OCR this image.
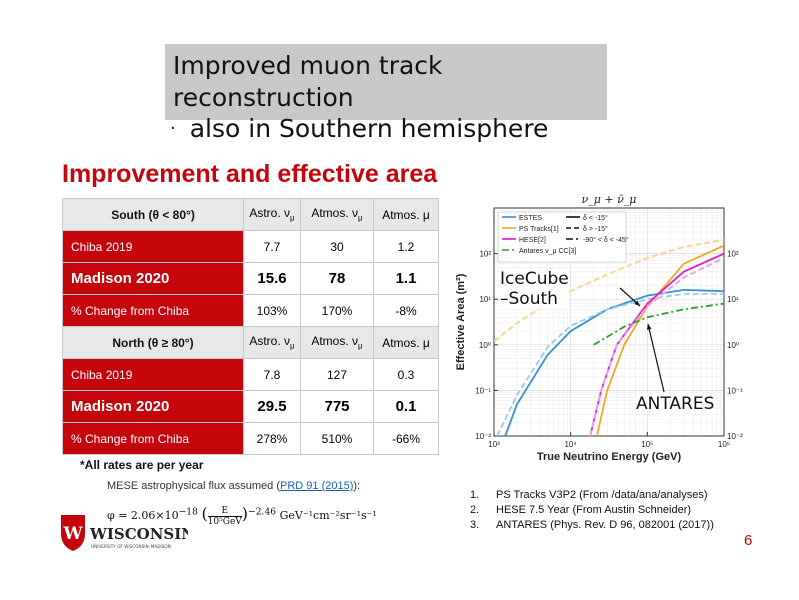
Improved muon track
reconstruction
· also in Southern hemisphere
Improvement and effective area
South (θ < 80°)	Astro. $\nu_\mu$	Atmos. $\nu_\mu$	Atmos. μ
Chiba 2019	7.7	30	1.2
Madison 2020	15.6	78	1.1
% Change from Chiba	103%	170%	-8%
North (θ ≥ 80°)	Astro. $\nu_\mu$	Atmos. $\nu_\mu$	Atmos. μ
Chiba 2019	7.8	127	0.3
Madison 2020	29.5	775	0.1
% Change from Chiba	278%	510%	-66%
*All rates are per year
MESE astrophysical flux assumed (PRD 91 (2015)):
$\varphi = 2.06\times 10^{-18}$ (	E
10⁵GeV )$^{-2.46}$ GeV⁻¹cm⁻²sr⁻¹s⁻¹
1. PS Tracks V3P2 (From /data/ana/analyses)
2. HESE 7.5 Year (From Austin Schneider)
3. ANTARES (Phys. Rev. D 96, 082001 (2017))
W WISCONSIN
UNIVERSITY OF WISCONSIN–MADISON	6
10³	10⁴	10⁵	10⁶
10⁻²	10⁻²
10⁻¹	10⁻¹
10⁰	10⁰
10¹	10¹
10²	10²
True Neutrino Energy (GeV)
Effective Area (m²)
ν_μ + ν̄_μ
ESTES
PS Tracks[1]
HESE[2]
Antares ν_μ CC[3]
δ < -15°
δ > -15°
-90° < δ < -45°
IceCube
–South
ANTARES
